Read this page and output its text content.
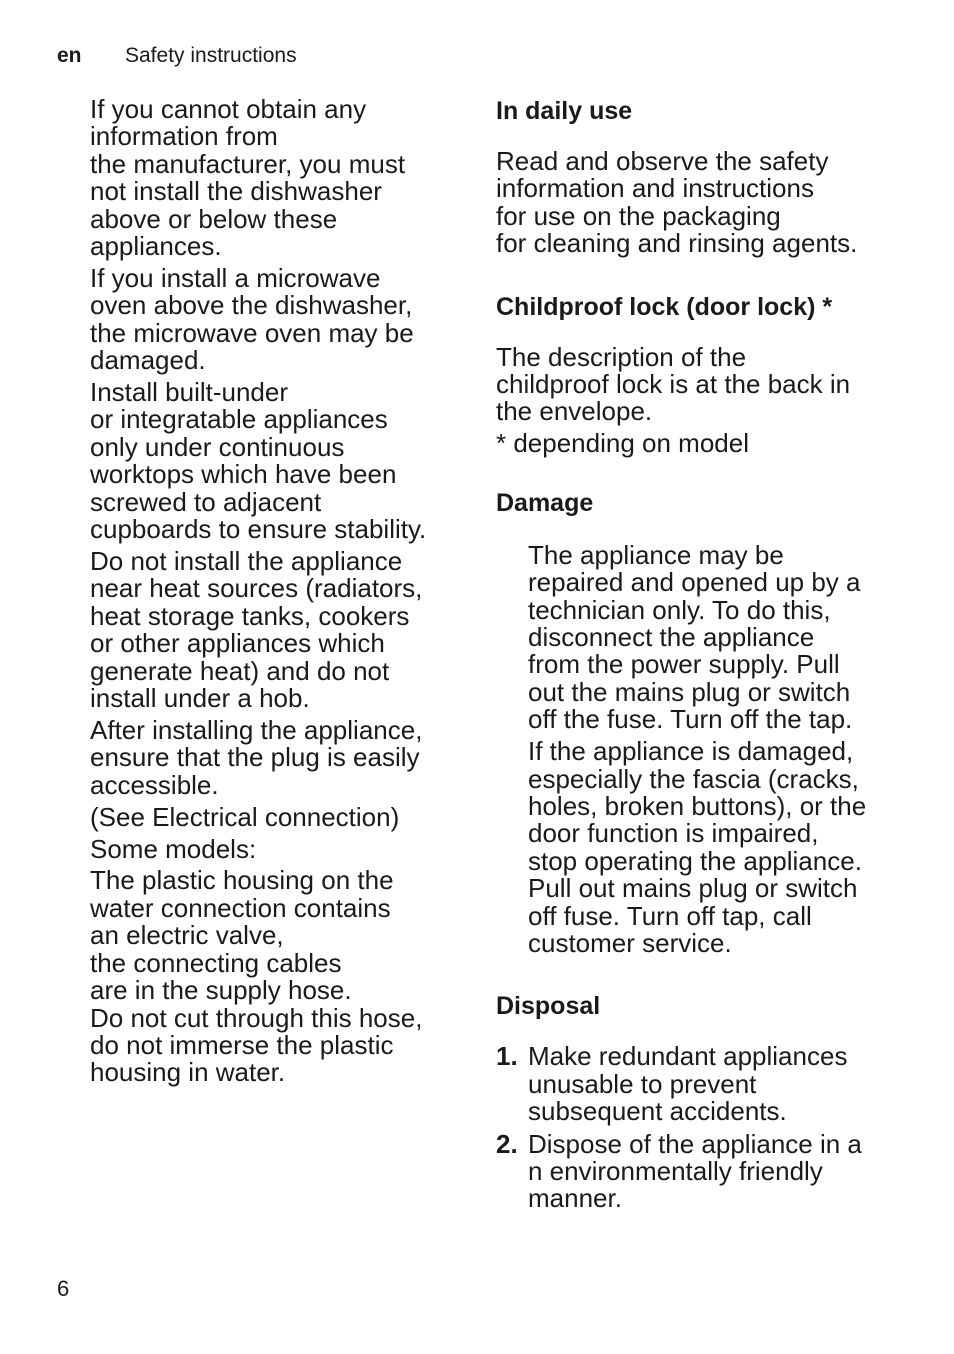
en Safety instructions

If you cannot obtain any
information from
the manufacturer, you must
not install the dishwasher
above or below these
appliances.

If you install a microwave
oven above the dishwasher,
the microwave oven may be
damaged.

Install built-under
or integratable appliances
only under continuous
worktops which have been
screwed to adjacent
cupboards to ensure stability.

Do not install the appliance
near heat sources (radiators,
heat storage tanks, cookers
or other appliances which
generate heat) and do not
install under a hob.

After installing the appliance,
ensure that the plug is easily
accessible.

(See Electrical connection)

Some models:

The plastic housing on the
water connection contains
an electric valve,
the connecting cables
are in the supply hose.
Do not cut through this hose,
do not immerse the plastic
housing in water.

In daily use

Read and observe the safety
information and instructions
for use on the packaging
for cleaning and rinsing agents.

Childproof lock (door lock) *

The description of the
childproof lock is at the back in
the envelope.

* depending on model

Damage

The appliance may be
repaired and opened up by a
technician only. To do this,
disconnect the appliance
from the power supply. Pull
out the mains plug or switch
off the fuse. Turn off the tap.

If the appliance is damaged,
especially the fascia (cracks,
holes, broken buttons), or the
door function is impaired,
stop operating the appliance.
Pull out mains plug or switch
off fuse. Turn off tap, call
customer service.

Disposal
1. Make redundant appliances
unusable to prevent
subsequent accidents.
2. Dispose of the appliance in a
n environmentally friendly
manner.
6
